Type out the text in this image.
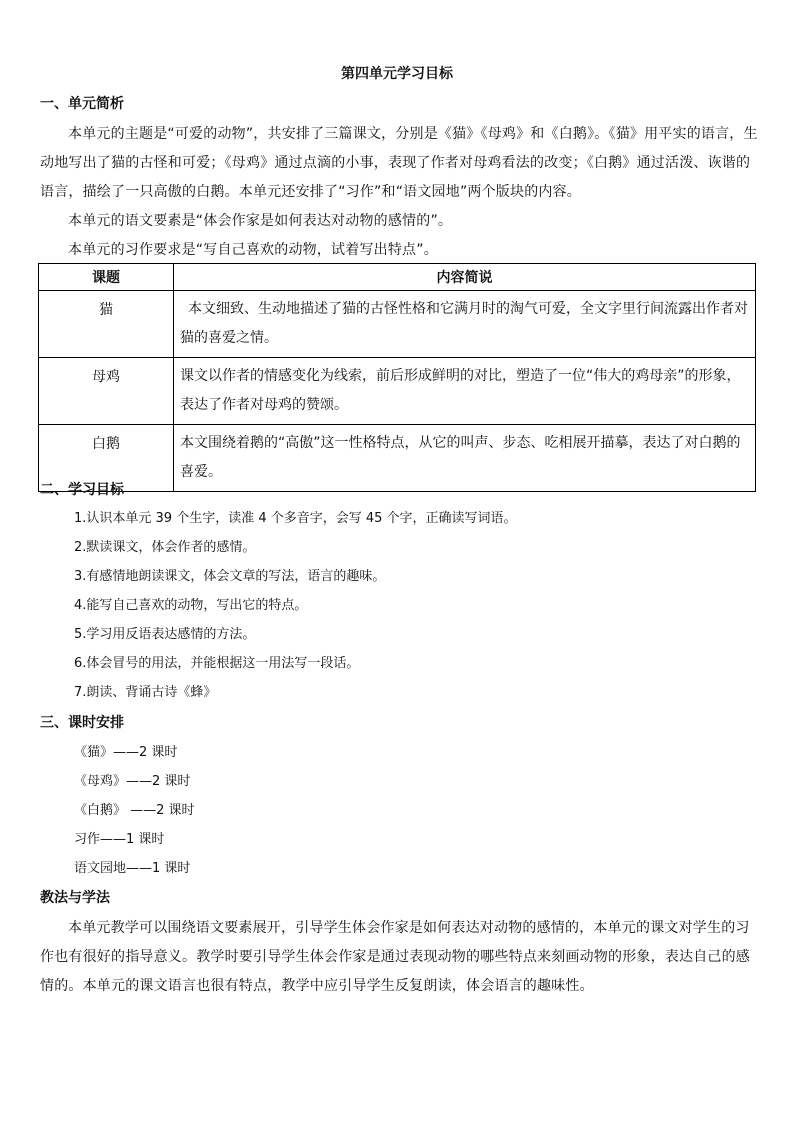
第四单元学习目标
一、单元简析

本单元的主题是“可爱的动物”，共安排了三篇课文，分别是《猫》《母鸡》和《白鹅》。《猫》用平实的语言，生动地写出了猫的古怪和可爱；《母鸡》通过点滴的小事，表现了作者对母鸡看法的改变；《白鹅》通过活泼、诙谐的语言，描绘了一只高傲的白鹅。本单元还安排了“习作”和“语文园地”两个版块的内容。

本单元的语文要素是“体会作家是如何表达对动物的感情的”。

本单元的习作要求是“写自己喜欢的动物，试着写出特点”。

课题	内容简说
猫	本文细致、生动地描述了猫的古怪性格和它满月时的淘气可爱，全文字里行间流露出作者对猫的喜爱之情。
母鸡	课文以作者的情感变化为线索，前后形成鲜明的对比，塑造了一位“伟大的鸡母亲”的形象，表达了作者对母鸡的赞颂。
白鹅	本文围绕着鹅的“高傲”这一性格特点，从它的叫声、步态、吃相展开描摹，表达了对白鹅的喜爱。
二、学习目标
1.认识本单元 39 个生字，读准 4 个多音字，会写 45 个字，正确读写词语。
2.默读课文，体会作者的感情。
3.有感情地朗读课文，体会文章的写法，语言的趣味。
4.能写自己喜欢的动物，写出它的特点。
5.学习用反语表达感情的方法。
6.体会冒号的用法，并能根据这一用法写一段话。
7.朗读、背诵古诗《蜂》
三、课时安排
《猫》——2 课时
《母鸡》——2 课时
《白鹅》 ——2 课时
习作——1 课时
语文园地——1 课时
教法与学法

本单元教学可以围绕语文要素展开，引导学生体会作家是如何表达对动物的感情的，本单元的课文对学生的习作也有很好的指导意义。教学时要引导学生体会作家是通过表现动物的哪些特点来刻画动物的形象，表达自己的感情的。本单元的课文语言也很有特点，教学中应引导学生反复朗读，体会语言的趣味性。
